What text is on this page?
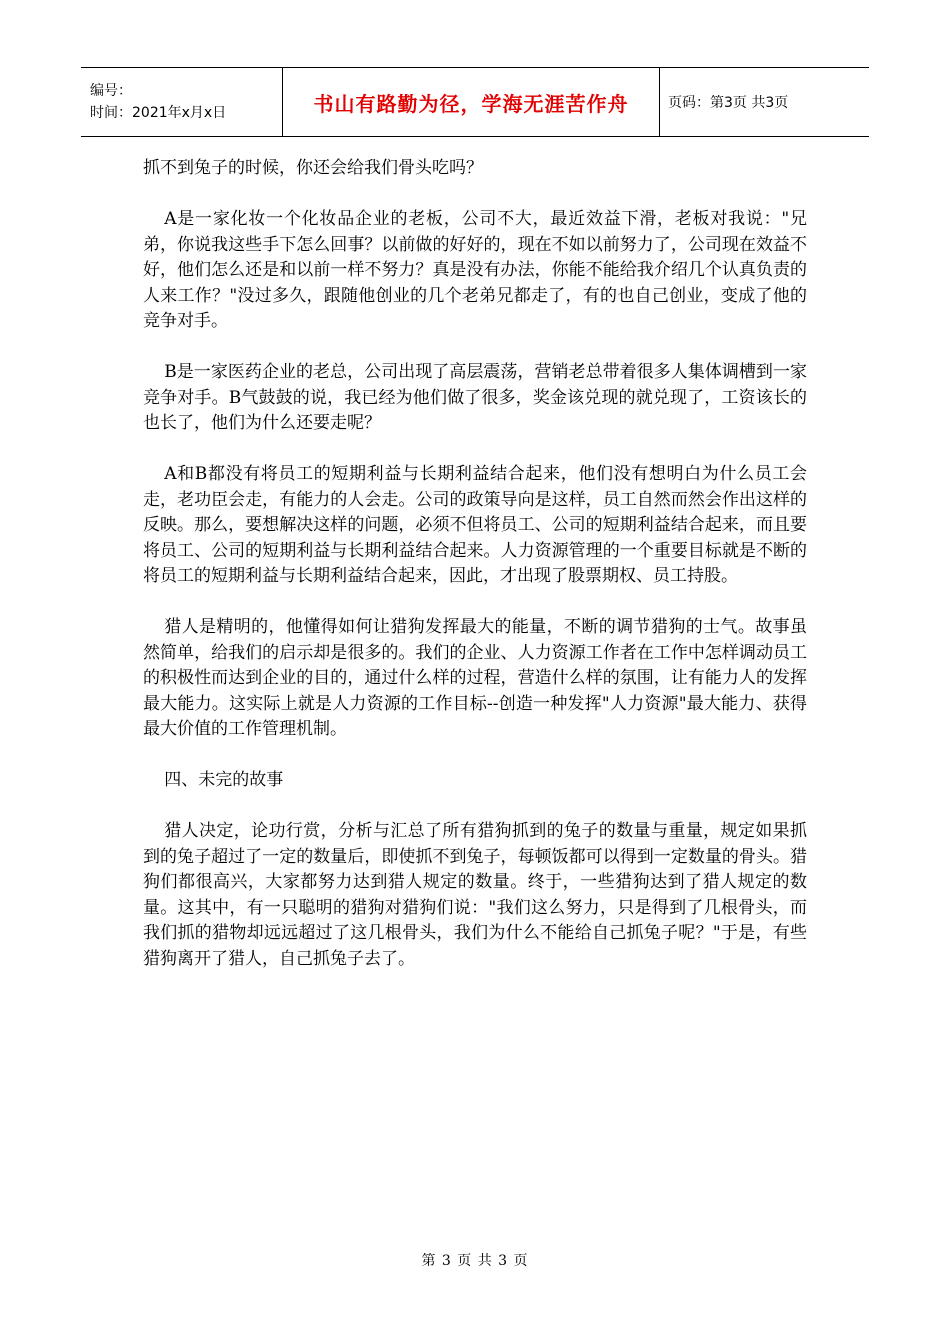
编号：
时间：2021年x月x日	书山有路勤为径，学海无涯苦作舟	页码：第3页 共3页

抓不到兔子的时候，你还会给我们骨头吃吗？

A是一家化妆一个化妆品企业的老板，公司不大，最近效益下滑，老板对我说："兄弟，你说我这些手下怎么回事？以前做的好好的，现在不如以前努力了，公司现在效益不好，他们怎么还是和以前一样不努力？真是没有办法，你能不能给我介绍几个认真负责的人来工作？"没过多久，跟随他创业的几个老弟兄都走了，有的也自己创业，变成了他的竞争对手。

B是一家医药企业的老总，公司出现了高层震荡，营销老总带着很多人集体调槽到一家竞争对手。B气鼓鼓的说，我已经为他们做了很多，奖金该兑现的就兑现了，工资该长的也长了，他们为什么还要走呢？

A和B都没有将员工的短期利益与长期利益结合起来，他们没有想明白为什么员工会走，老功臣会走，有能力的人会走。公司的政策导向是这样，员工自然而然会作出这样的反映。那么，要想解决这样的问题，必须不但将员工、公司的短期利益结合起来，而且要将员工、公司的短期利益与长期利益结合起来。人力资源管理的一个重要目标就是不断的将员工的短期利益与长期利益结合起来，因此，才出现了股票期权、员工持股。

猎人是精明的，他懂得如何让猎狗发挥最大的能量，不断的调节猎狗的士气。故事虽然简单，给我们的启示却是很多的。我们的企业、人力资源工作者在工作中怎样调动员工的积极性而达到企业的目的，通过什么样的过程，营造什么样的氛围，让有能力人的发挥最大能力。这实际上就是人力资源的工作目标--创造一种发挥"人力资源"最大能力、获得最大价值的工作管理机制。

四、未完的故事

猎人决定，论功行赏，分析与汇总了所有猎狗抓到的兔子的数量与重量，规定如果抓到的兔子超过了一定的数量后，即使抓不到兔子，每顿饭都可以得到一定数量的骨头。猎狗们都很高兴，大家都努力达到猎人规定的数量。终于，一些猎狗达到了猎人规定的数量。这其中，有一只聪明的猎狗对猎狗们说："我们这么努力，只是得到了几根骨头，而我们抓的猎物却远远超过了这几根骨头，我们为什么不能给自己抓兔子呢？"于是，有些猎狗离开了猎人，自己抓兔子去了。

第 3 页 共 3 页
